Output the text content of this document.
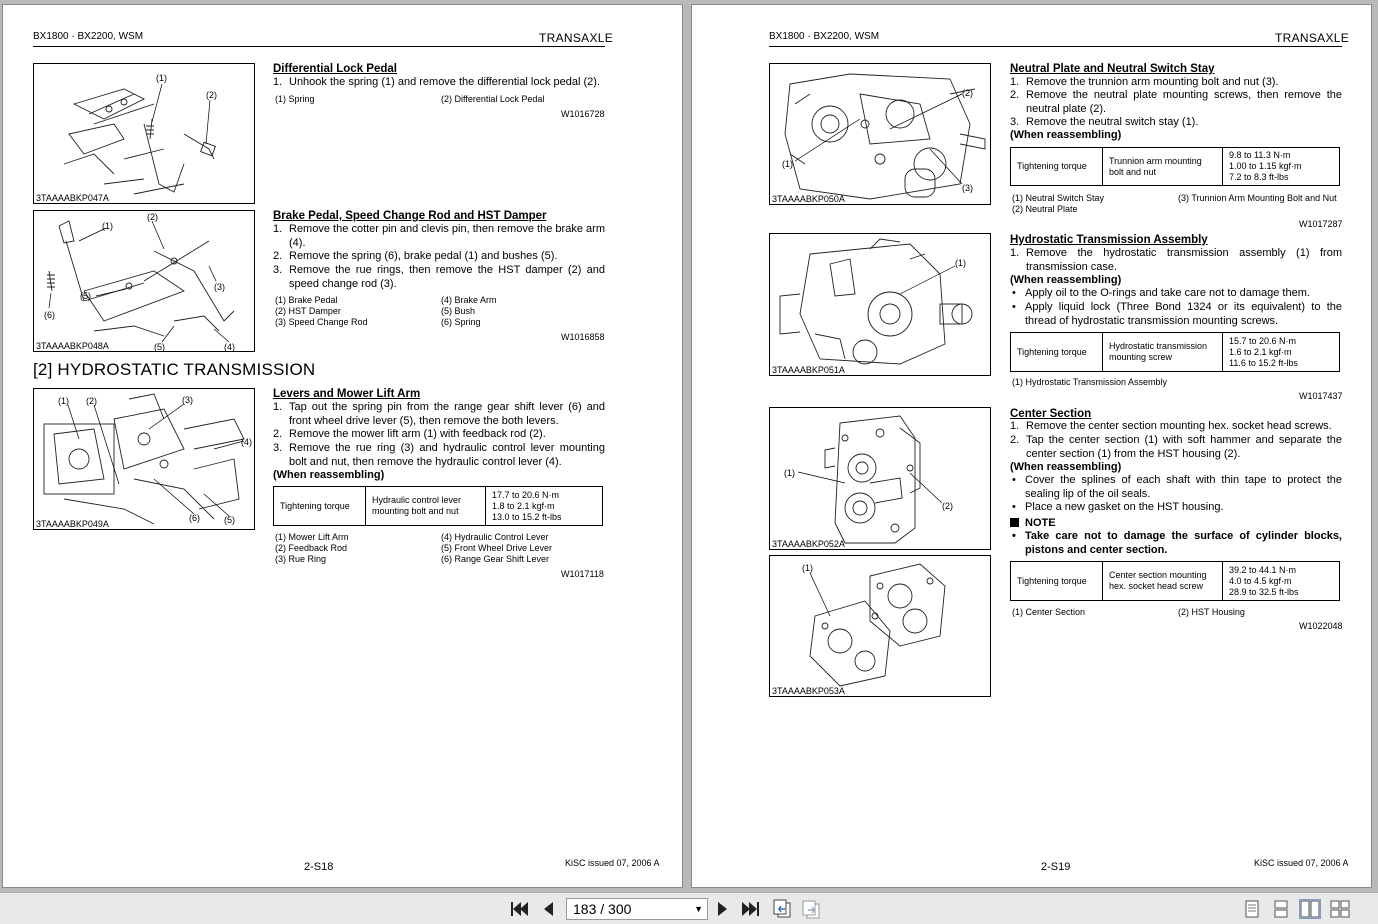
BX1800 · BX2200, WSM	TRANSAXLE
(1)
(2)
3TAAAABKP047A
Differential Lock Pedal
1. Unhook the spring (1) and remove the differential lock pedal (2).
(1) Spring	(2) Differential Lock Pedal
W1016728
(1)
(2)
(3)
(4)
(5)
(5)
(6)
3TAAAABKP048A
Brake Pedal, Speed Change Rod and HST Damper
1. Remove the cotter pin and clevis pin, then remove the brake arm (4).
2. Remove the spring (6), brake pedal (1) and bushes (5).
3. Remove the rue rings, then remove the HST damper (2) and speed change rod (3).
(1) Brake Pedal
(2) HST Damper
(3) Speed Change Rod
(4) Brake Arm
(5) Bush
(6) Spring
W1016858
[2] HYDROSTATIC TRANSMISSION
(1) (2)	(3)
(4)
(5)
(6)
3TAAAABKP049A
Levers and Mower Lift Arm
1. Tap out the spring pin from the range gear shift lever (6) and front wheel drive lever (5), then remove the both levers.
2. Remove the mower lift arm (1) with feedback rod (2).
3. Remove the rue ring (3) and hydraulic control lever mounting bolt and nut, then remove the hydraulic control lever (4).
(When reassembling)
Tightening torque	Hydraulic control lever mounting bolt and nut	
17.7 to 20.6 N·m
1.8 to 2.1 kgf·m
13.0 to 15.2 ft-lbs
(1) Mower Lift Arm
(2) Feedback Rod
(3) Rue Ring
(4) Hydraulic Control Lever
(5) Front Wheel Drive Lever
(6) Range Gear Shift Lever
W1017118
2-S18	KiSC issued 07, 2006 A
BX1800 · BX2200, WSM	TRANSAXLE
(1)
(2)
(3)
3TAAAABKP050A
Neutral Plate and Neutral Switch Stay
1. Remove the trunnion arm mounting bolt and nut (3).
2. Remove the neutral plate mounting screws, then remove the neutral plate (2).
3. Remove the neutral switch stay (1).
(When reassembling)
Tightening torque	Trunnion arm mounting bolt and nut	
9.8 to 11.3 N·m
1.00 to 1.15 kgf·m
7.2 to 8.3 ft-lbs
(1) Neutral Switch Stay
(2) Neutral Plate
(3) Trunnion Arm Mounting Bolt and Nut
W1017287
(1)
3TAAAABKP051A
Hydrostatic Transmission Assembly
1. Remove the hydrostatic transmission assembly (1) from transmission case.
(When reassembling)
• Apply oil to the O-rings and take care not to damage them.
• Apply liquid lock (Three Bond 1324 or its equivalent) to the thread of hydrostatic transmission mounting screws.
Tightening torque	Hydrostatic transmission mounting screw	
15.7 to 20.6 N·m
1.6 to 2.1 kgf·m
11.6 to 15.2 ft-lbs
(1) Hydrostatic Transmission Assembly
W1017437
(1)
(2)
3TAAAABKP052A
(1)
3TAAAABKP053A
Center Section
1. Remove the center section mounting hex. socket head screws.
2. Tap the center section (1) with soft hammer and separate the center section (1) from the HST housing (2).
(When reassembling)
• Cover the splines of each shaft with thin tape to protect the sealing lip of the oil seals.
• Place a new gasket on the HST housing.
NOTE
• Take care not to damage the surface of cylinder blocks, pistons and center section.
Tightening torque	Center section mounting hex. socket head screw	
39.2 to 44.1 N·m
4.0 to 4.5 kgf·m
28.9 to 32.5 ft-lbs
(1) Center Section	(2) HST Housing
W1022048
2-S19	KiSC issued 07, 2006 A
183 / 300	▼
